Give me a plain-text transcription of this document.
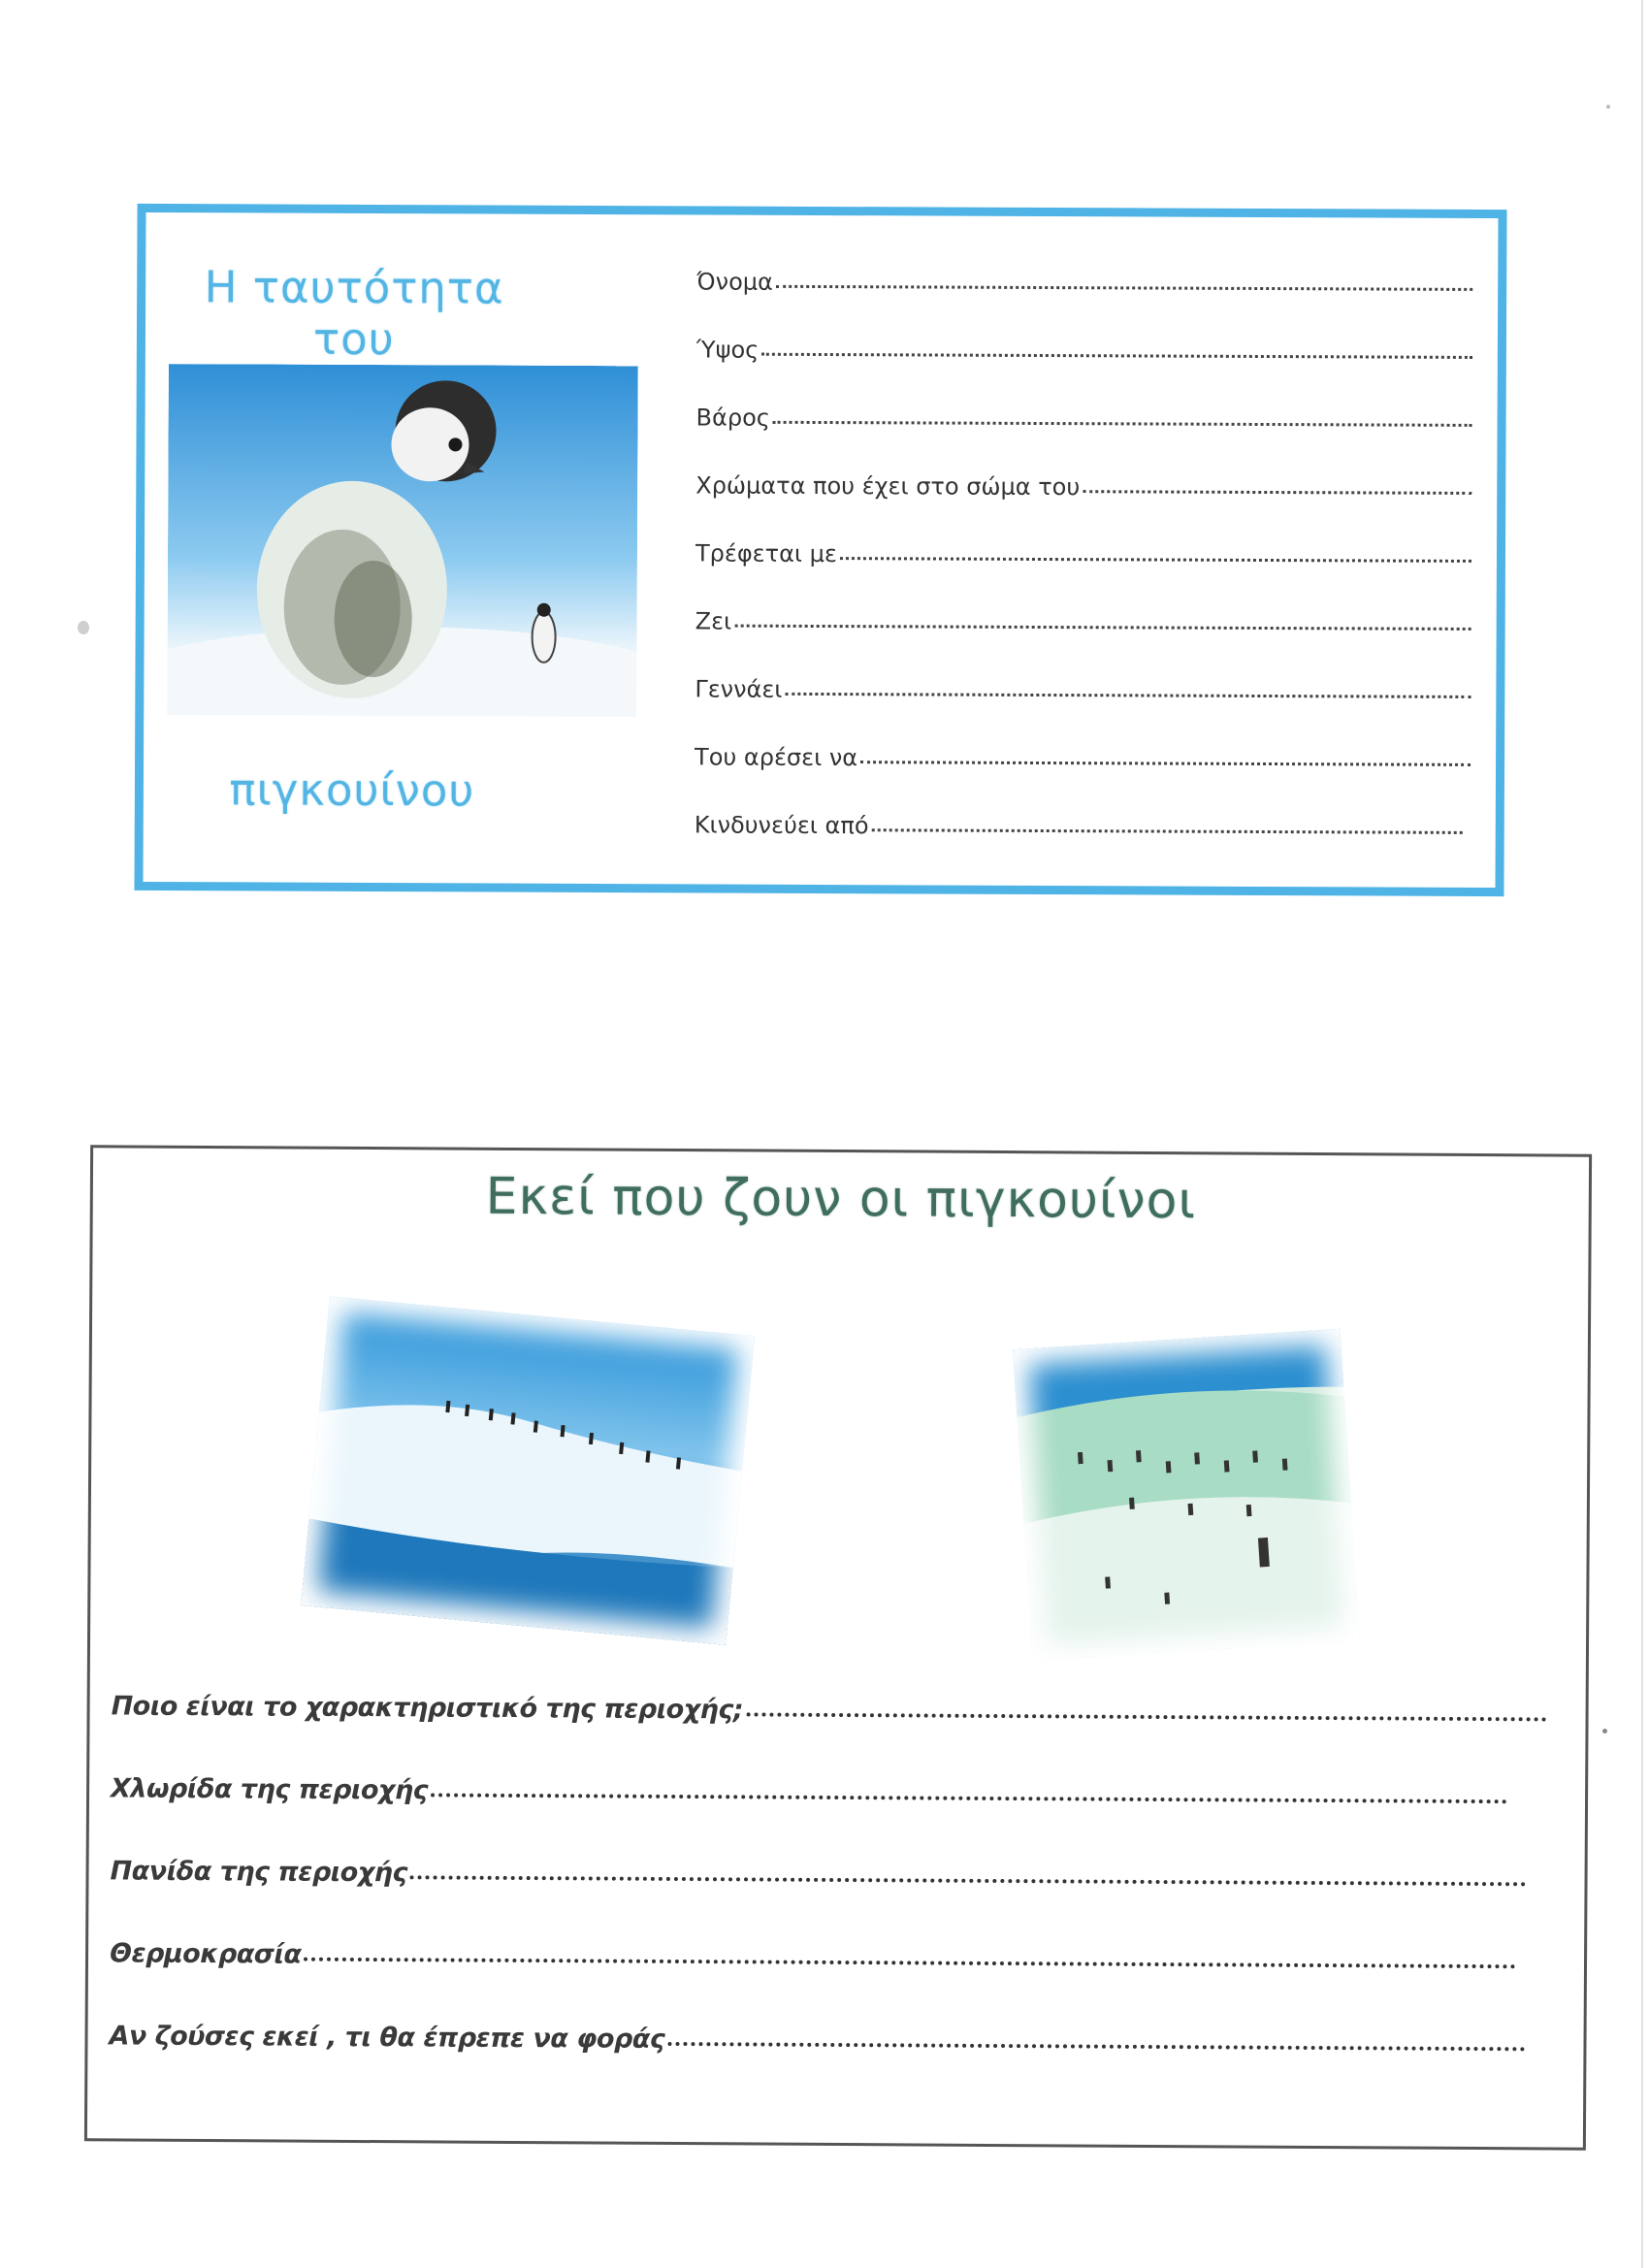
Η ταυτότητα του
πιγκουίνου
Όνομα
Ύψος
Βάρος
Χρώματα που έχει στο σώμα του
Τρέφεται με
Ζει
Γεννάει
Του αρέσει να
Κινδυνεύει από
Εκεί που ζουν οι πιγκουίνοι
Ποιο είναι το χαρακτηριστικό της περιοχής;
Χλωρίδα της περιοχής
Πανίδα της περιοχής
Θερμοκρασία
Αν ζούσες εκεί , τι θα έπρεπε να φοράς
